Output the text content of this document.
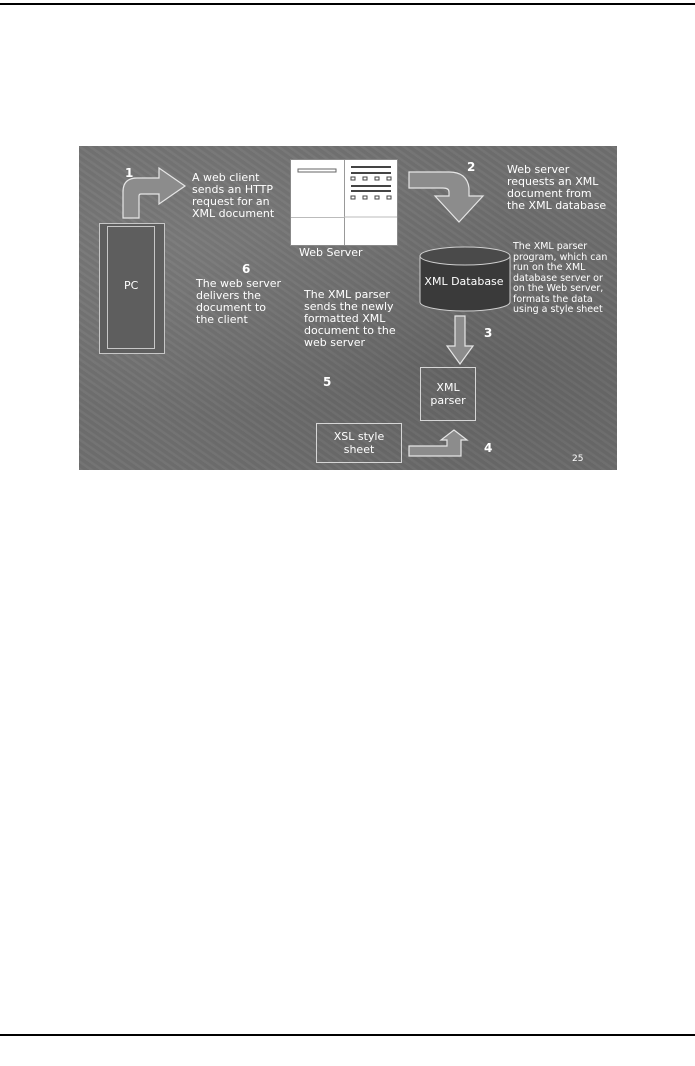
PC
1	A web client sends an HTTP request for an XML document
Web Server
2	Web server requests an XML document from the XML database
XML Database
The XML parser program, which can run on the XML database server or on the Web server, formats the data using a style sheet
3
XML parser
XSL style sheet	4
The XML parser sends the newly formatted XML document to the web server
5
6
The web server delivers the document to the client
25
